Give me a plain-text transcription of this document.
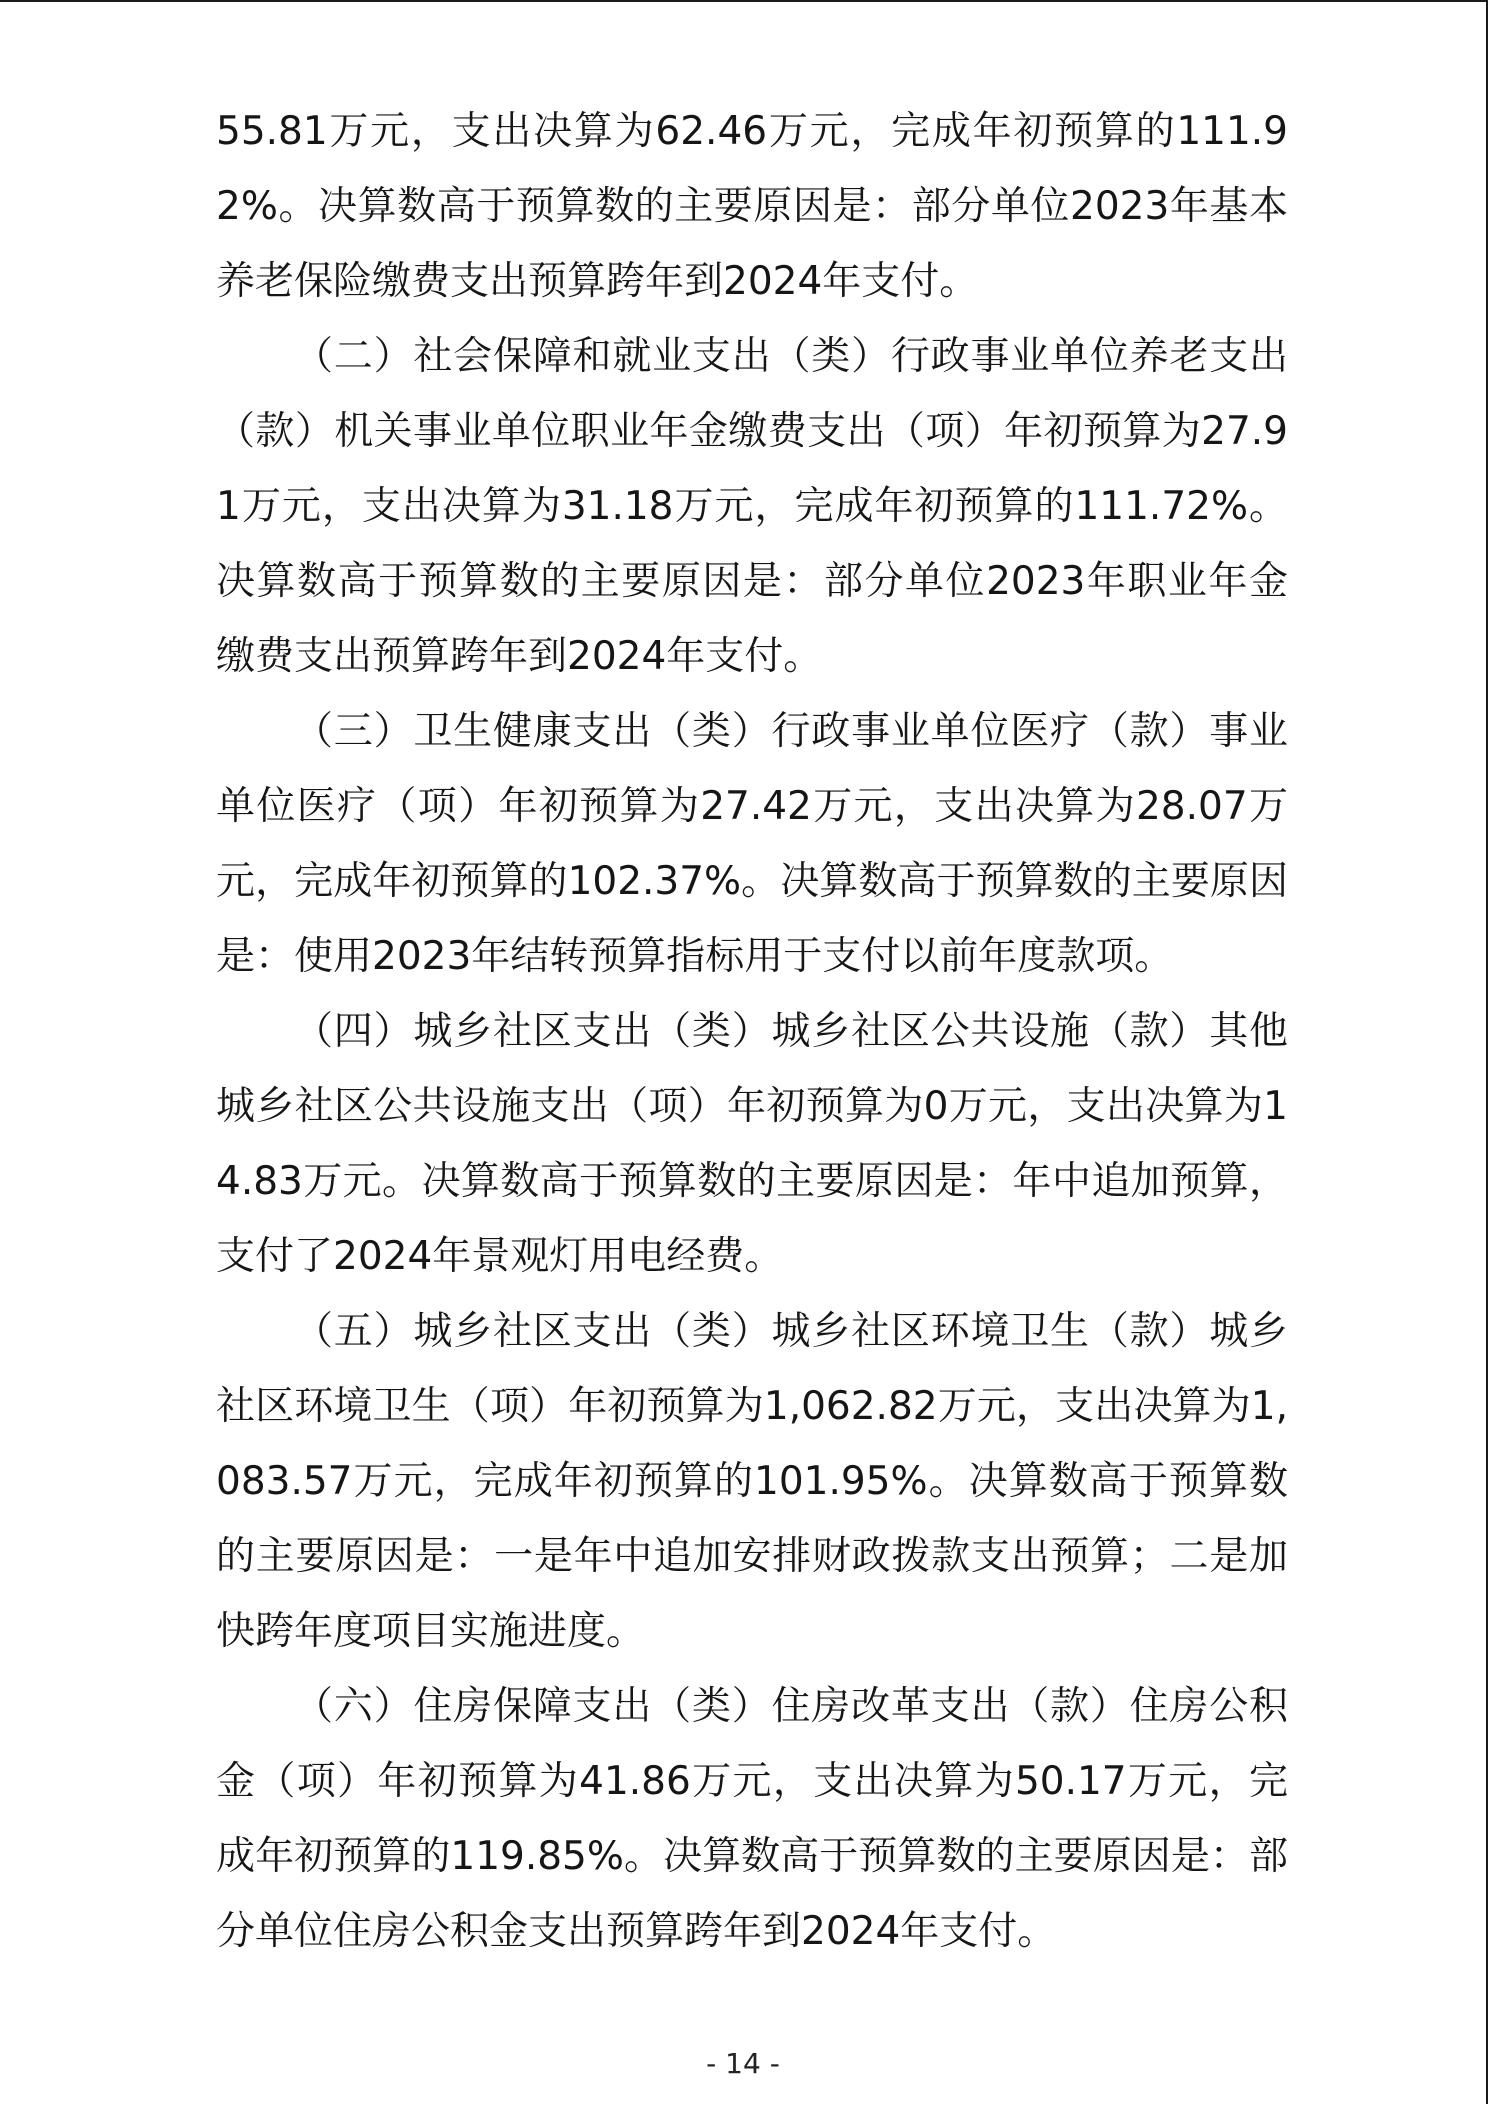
55.81万元，支出决算为62.46万元，完成年初预算的111.92%。决算数高于预算数的主要原因是：部分单位2023年基本养老保险缴费支出预算跨年到2024年支付。

（二）社会保障和就业支出（类）行政事业单位养老支出（款）机关事业单位职业年金缴费支出（项）年初预算为27.91万元，支出决算为31.18万元，完成年初预算的111.72%。决算数高于预算数的主要原因是：部分单位2023年职业年金缴费支出预算跨年到2024年支付。

（三）卫生健康支出（类）行政事业单位医疗（款）事业单位医疗（项）年初预算为27.42万元，支出决算为28.07万元，完成年初预算的102.37%。决算数高于预算数的主要原因是：使用2023年结转预算指标用于支付以前年度款项。

（四）城乡社区支出（类）城乡社区公共设施（款）其他城乡社区公共设施支出（项）年初预算为0万元，支出决算为14.83万元。决算数高于预算数的主要原因是：年中追加预算，支付了2024年景观灯用电经费。

（五）城乡社区支出（类）城乡社区环境卫生（款）城乡社区环境卫生（项）年初预算为1,062.82万元，支出决算为1,083.57万元，完成年初预算的101.95%。决算数高于预算数的主要原因是：一是年中追加安排财政拨款支出预算；二是加快跨年度项目实施进度。

（六）住房保障支出（类）住房改革支出（款）住房公积金（项）年初预算为41.86万元，支出决算为50.17万元，完成年初预算的119.85%。决算数高于预算数的主要原因是：部分单位住房公积金支出预算跨年到2024年支付。

- 14 -
